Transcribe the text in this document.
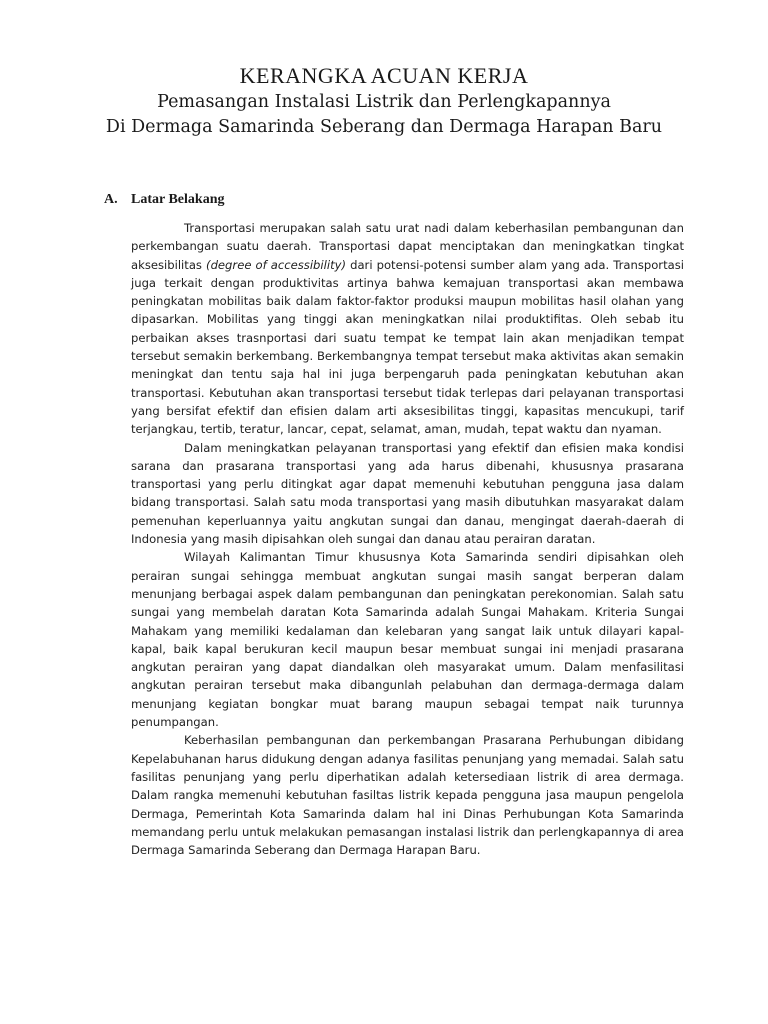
KERANGKA ACUAN KERJA
Pemasangan Instalasi Listrik dan Perlengkapannya
Di Dermaga Samarinda Seberang dan Dermaga Harapan Baru
A. Latar Belakang

Transportasi merupakan salah satu urat nadi dalam keberhasilan pembangunan dan perkembangan suatu daerah. Transportasi dapat menciptakan dan meningkatkan tingkat aksesibilitas (degree of accessibility) dari potensi-potensi sumber alam yang ada. Transportasi juga terkait dengan produktivitas artinya bahwa kemajuan transportasi akan membawa peningkatan mobilitas baik dalam faktor-faktor produksi maupun mobilitas hasil olahan yang dipasarkan. Mobilitas yang tinggi akan meningkatkan nilai produktifitas. Oleh sebab itu perbaikan akses trasnportasi dari suatu tempat ke tempat lain akan menjadikan tempat tersebut semakin berkembang. Berkembangnya tempat tersebut maka aktivitas akan semakin meningkat dan tentu saja hal ini juga berpengaruh pada peningkatan kebutuhan akan transportasi. Kebutuhan akan transportasi tersebut tidak terlepas dari pelayanan transportasi yang bersifat efektif dan efisien dalam arti aksesibilitas tinggi, kapasitas mencukupi, tarif terjangkau, tertib, teratur, lancar, cepat, selamat, aman, mudah, tepat waktu dan nyaman.

Dalam meningkatkan pelayanan transportasi yang efektif dan efisien maka kondisi sarana dan prasarana transportasi yang ada harus dibenahi, khususnya prasarana transportasi yang perlu ditingkat agar dapat memenuhi kebutuhan pengguna jasa dalam bidang transportasi. Salah satu moda transportasi yang masih dibutuhkan masyarakat dalam pemenuhan keperluannya yaitu angkutan sungai dan danau, mengingat daerah-daerah di Indonesia yang masih dipisahkan oleh sungai dan danau atau perairan daratan.

Wilayah Kalimantan Timur khususnya Kota Samarinda sendiri dipisahkan oleh perairan sungai sehingga membuat angkutan sungai masih sangat berperan dalam menunjang berbagai aspek dalam pembangunan dan peningkatan perekonomian. Salah satu sungai yang membelah daratan Kota Samarinda adalah Sungai Mahakam. Kriteria Sungai Mahakam yang memiliki kedalaman dan kelebaran yang sangat laik untuk dilayari kapal-kapal, baik kapal berukuran kecil maupun besar membuat sungai ini menjadi prasarana angkutan perairan yang dapat diandalkan oleh masyarakat umum. Dalam menfasilitasi angkutan perairan tersebut maka dibangunlah pelabuhan dan dermaga-dermaga dalam menunjang kegiatan bongkar muat barang maupun sebagai tempat naik turunnya penumpangan.

Keberhasilan pembangunan dan perkembangan Prasarana Perhubungan dibidang Kepelabuhanan harus didukung dengan adanya fasilitas penunjang yang memadai. Salah satu fasilitas penunjang yang perlu diperhatikan adalah ketersediaan listrik di area dermaga. Dalam rangka memenuhi kebutuhan fasiltas listrik kepada pengguna jasa maupun pengelola Dermaga, Pemerintah Kota Samarinda dalam hal ini Dinas Perhubungan Kota Samarinda memandang perlu untuk melakukan pemasangan instalasi listrik dan perlengkapannya di area Dermaga Samarinda Seberang dan Dermaga Harapan Baru.
